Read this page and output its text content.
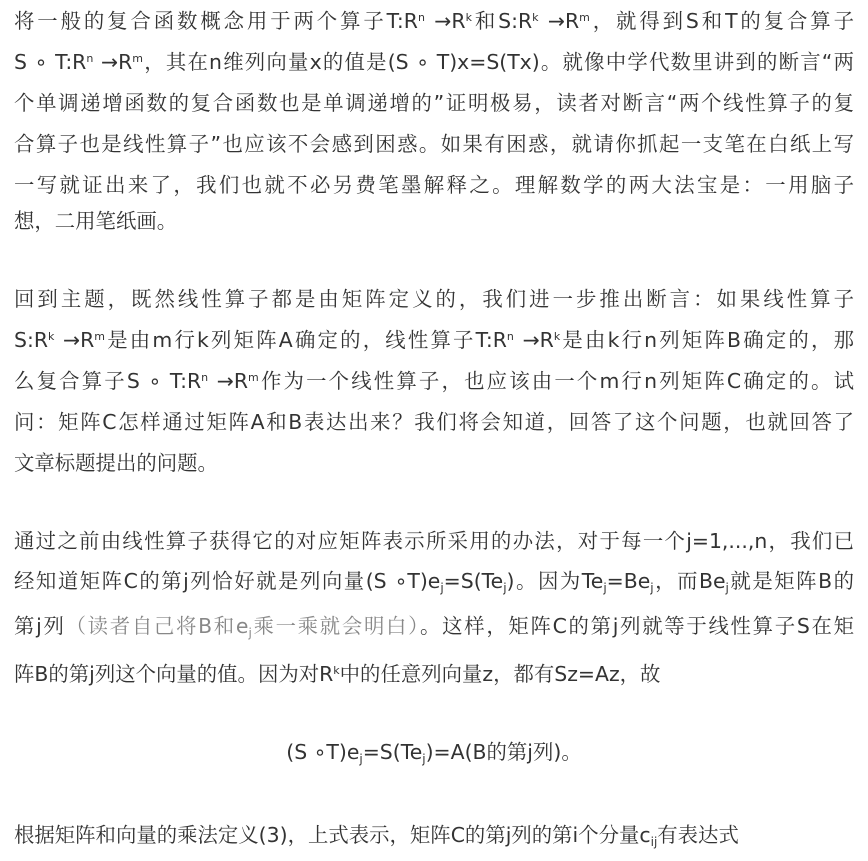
将一般的复合函数概念用于两个算子$T:R^n \to R^k$和$S:R^k \to R^m$，就得到S和T的复合算子
S ∘ $T:R^n \to R^m$，其在n维列向量x的值是(S ∘ T)x=S(Tx)。就像中学代数里讲到的断言“两
个单调递增函数的复合函数也是单调递增的”证明极易，读者对断言“两个线性算子的复
合算子也是线性算子”也应该不会感到困惑。如果有困惑，就请你抓起一支笔在白纸上写
一写就证出来了，我们也就不必另费笔墨解释之。理解数学的两大法宝是：一用脑子
想，二用笔纸画。
回到主题，既然线性算子都是由矩阵定义的，我们进一步推出断言：如果线性算子
$S:R^k \to R^m$是由m行k列矩阵A确定的，线性算子$T:R^n \to R^k$是由k行n列矩阵B确定的，那
么复合算子S ∘ $T:R^n \to R^m$作为一个线性算子，也应该由一个m行n列矩阵C确定的。试
问：矩阵C怎样通过矩阵A和B表达出来？我们将会知道，回答了这个问题，也就回答了
文章标题提出的问题。
通过之前由线性算子获得它的对应矩阵表示所采用的办法，对于每一个j=1,...,n，我们已
经知道矩阵C的第j列恰好就是列向量(S $\circ T)e_j=S(Te_j)$。因为$Te_j=Be_j$，而$Be_j$就是矩阵B的
第j列（读者自己将B和$e_j$乘一乘就会明白）。这样，矩阵C的第j列就等于线性算子S在矩
阵B的第j列这个向量的值。因为对$R^k$中的任意列向量z，都有Sz=Az，故
(S $\circ T)e_j=S(Te_j)=A(B$的第j列)。
根据矩阵和向量的乘法定义(3)，上式表示，矩阵C的第j列的第i个分量$c_{ij}$有表达式
